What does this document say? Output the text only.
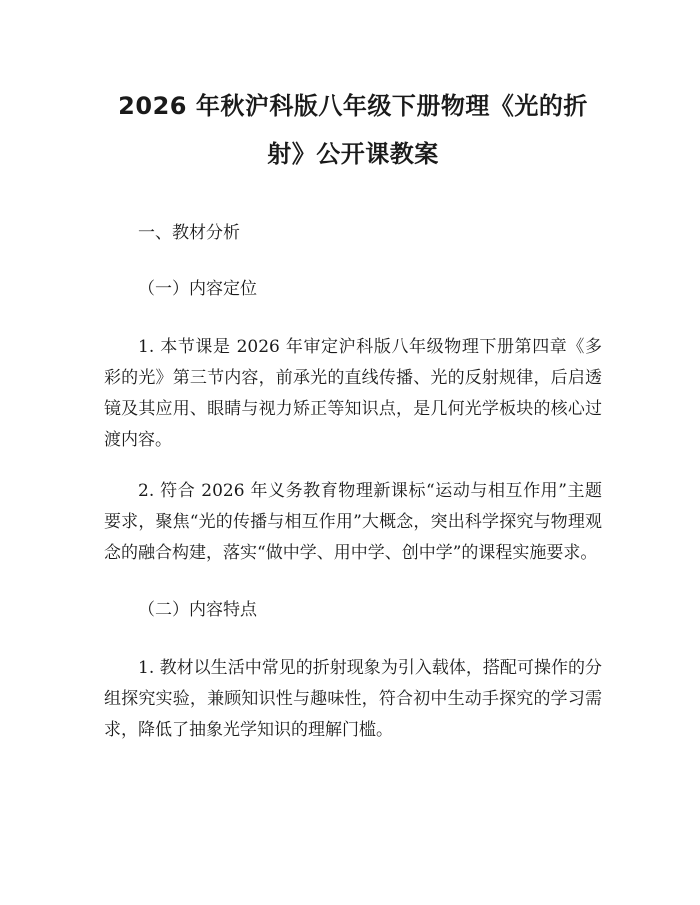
2026 年秋沪科版八年级下册物理《光的折
射》公开课教案

一、教材分析

（一）内容定位

1. 本节课是 2026 年审定沪科版八年级物理下册第四章《多彩的光》第三节内容，前承光的直线传播、光的反射规律，后启透镜及其应用、眼睛与视力矫正等知识点，是几何光学板块的核心过渡内容。

2. 符合 2026 年义务教育物理新课标“运动与相互作用”主题要求，聚焦“光的传播与相互作用”大概念，突出科学探究与物理观念的融合构建，落实“做中学、用中学、创中学”的课程实施要求。

（二）内容特点

1. 教材以生活中常见的折射现象为引入载体，搭配可操作的分组探究实验，兼顾知识性与趣味性，符合初中生动手探究的学习需求，降低了抽象光学知识的理解门槛。
